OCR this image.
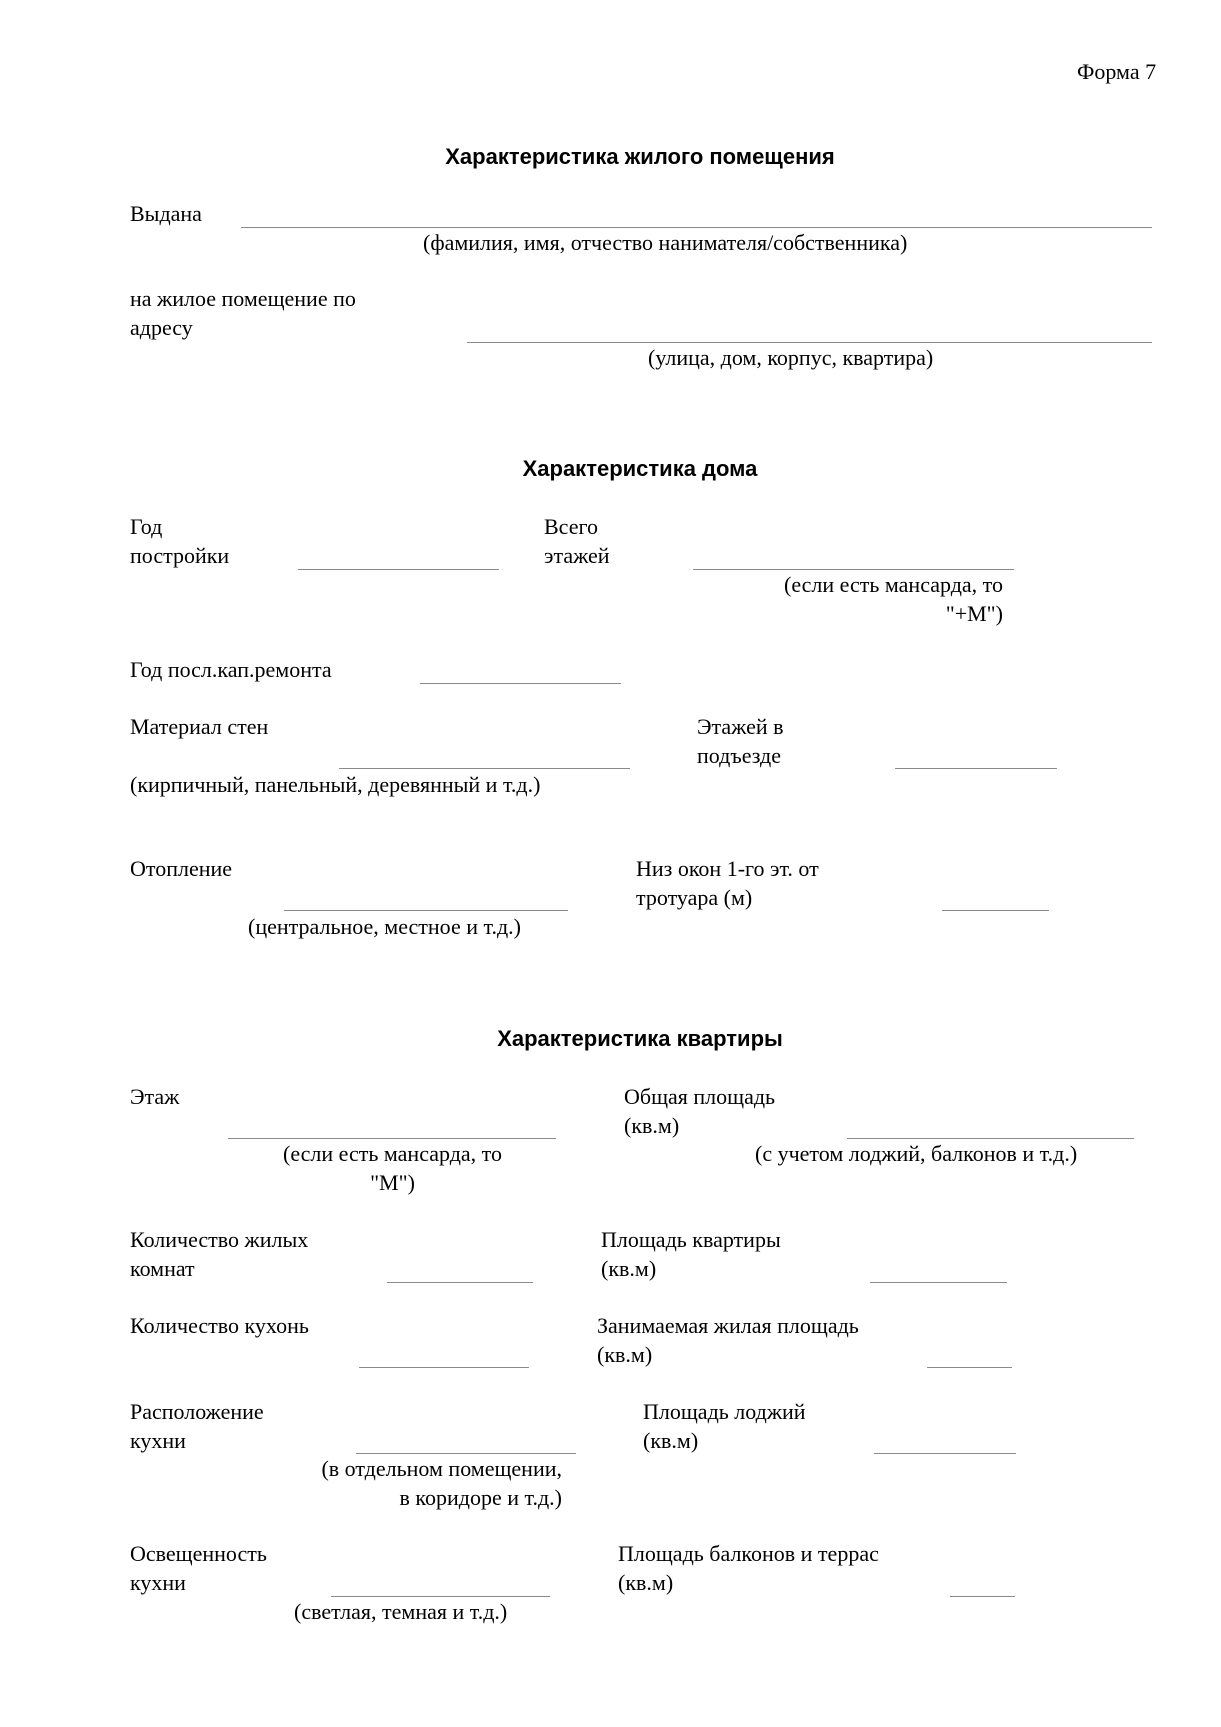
Форма 7
Характеристика жилого помещения
Выдана
(фамилия, имя, отчество нанимателя/собственника)
на жилое помещение по
адресу
(улица, дом, корпус, квартира)
Характеристика дома
Год
постройки
Всего
этажей
(если есть мансарда, то
"+М")
Год посл.кап.ремонта
Материал стен
(кирпичный, панельный, деревянный и т.д.)
Этажей в
подъезде
Отопление
(центральное, местное и т.д.)
Низ окон 1-го эт. от
тротуара (м)
Характеристика квартиры
Этаж
(если есть мансарда, то
"М")
Общая площадь
(кв.м)
(с учетом лоджий, балконов и т.д.)
Количество жилых
комнат
Площадь квартиры
(кв.м)
Количество кухонь	Занимаемая жилая площадь
(кв.м)
Расположение
кухни
(в отдельном помещении,
в коридоре и т.д.)
Площадь лоджий
(кв.м)
Освещенность
кухни
(светлая, темная и т.д.)
Площадь балконов и террас
(кв.м)
